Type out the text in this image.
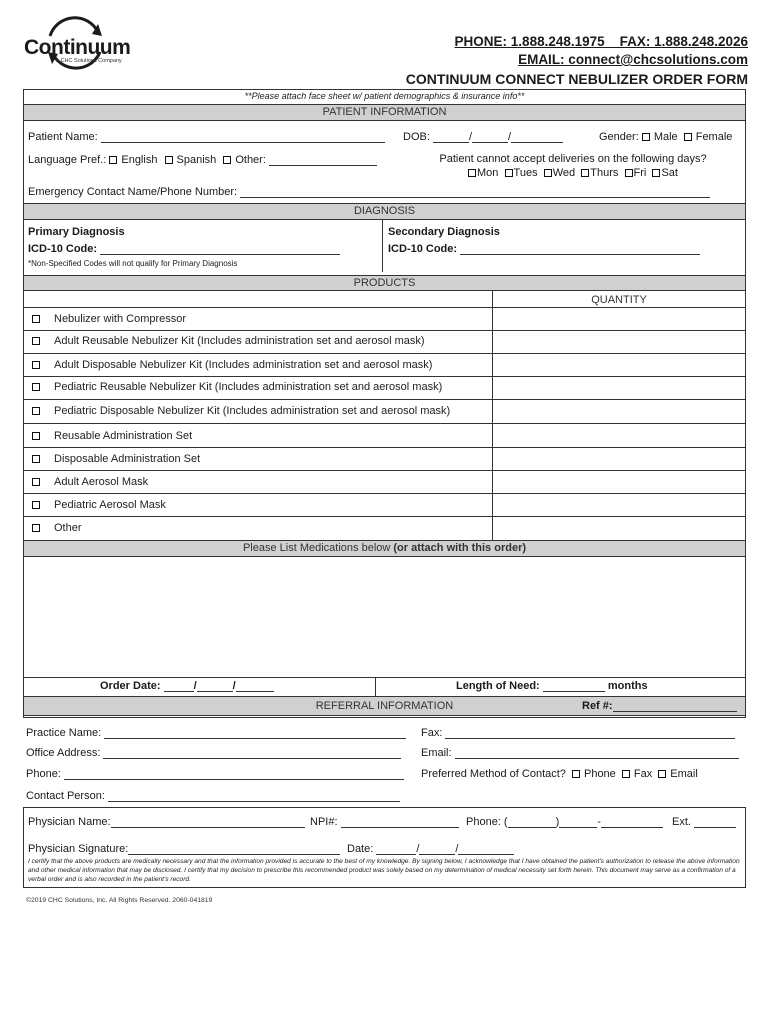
Continuum
a CHC Solutions Company
PHONE: 1.888.248.1975    FAX: 1.888.248.2026
EMAIL: connect@chcsolutions.com
CONTINUUM CONNECT NEBULIZER ORDER FORM
**Please attach face sheet w/ patient demographics & insurance info**
PATIENT INFORMATION
Patient Name:	DOB:	/	/	Gender: Male Female
Language Pref.: English Spanish Other:	Patient cannot accept deliveries on the following days?
Mon Tues Wed Thurs Fri Sat
Emergency Contact Name/Phone Number:
DIAGNOSIS
Primary Diagnosis
ICD-10 Code:
*Non-Specified Codes will not qualify for Primary Diagnosis
Secondary Diagnosis
ICD-10 Code:
PRODUCTS
QUANTITY
Nebulizer with Compressor
Adult Reusable Nebulizer Kit (Includes administration set and aerosol mask)
Adult Disposable Nebulizer Kit (Includes administration set and aerosol mask)
Pediatric Reusable Nebulizer Kit (Includes administration set and aerosol mask)
Pediatric Disposable Nebulizer Kit (Includes administration set and aerosol mask)
Reusable Administration Set
Disposable Administration Set
Adult Aerosol Mask
Pediatric Aerosol Mask
Other
Please List Medications below (or attach with this order)
Order Date:	/	/	Length of Need:	months
REFERRAL INFORMATION	Ref #:
Practice Name:	Fax:
Office Address:	Email:
Phone:	Preferred Method of Contact? Phone Fax Email
Contact Person:
Physician Name:	NPI#:	Phone: (	)	-	Ext.
Physician Signature:	Date:	/	/
I certify that the above products are medically necessary and that the information provided is accurate to the best of my knowledge. By signing below, I acknowledge that I have obtained the patient's authorization to release the above information and other medical information that may be disclosed. I certify that my decision to prescribe this recommended product was solely based on my determination of medical necessity set forth herein. This document may serve as a confirmation of a verbal order and is also recorded in the patient's record.
©2019 CHC Solutions, Inc. All Rights Reserved. 2060-041819
